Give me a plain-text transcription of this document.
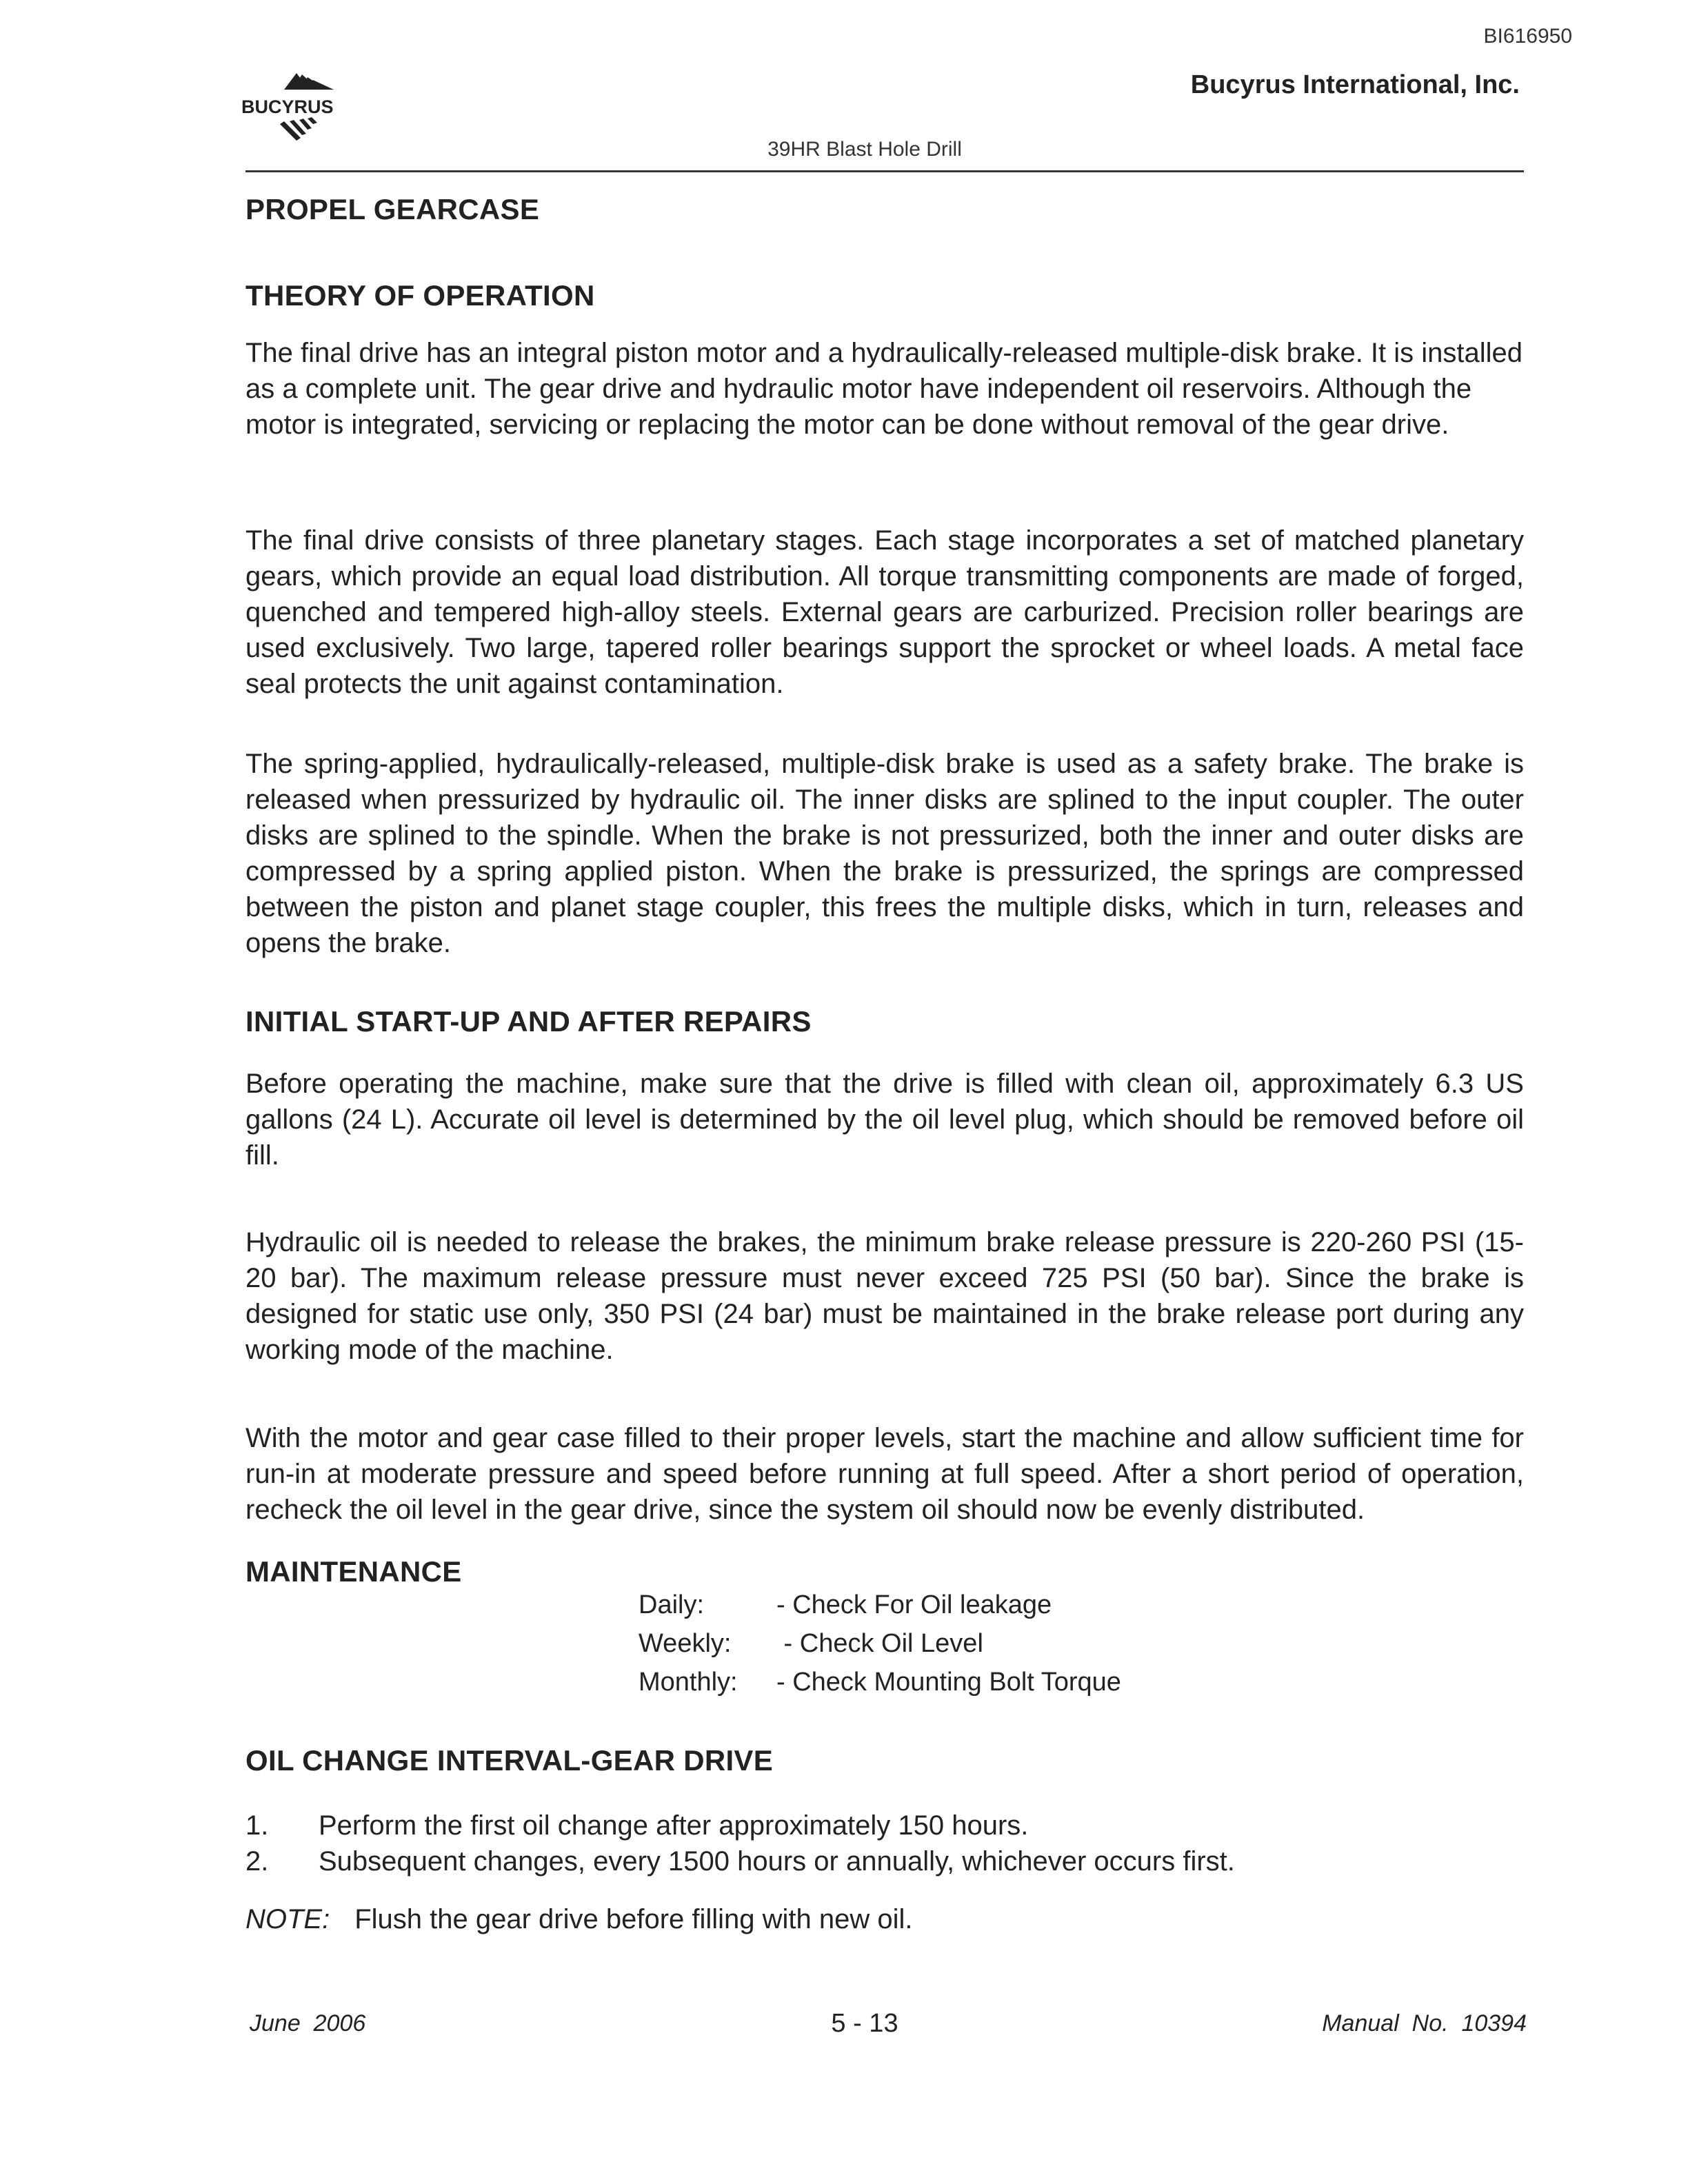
BI616950
BUCYRUS
Bucyrus International, Inc.
39HR Blast Hole Drill
PROPEL GEARCASE
THEORY OF OPERATION

The final drive has an integral piston motor and a hydraulically-released multiple-disk brake. It is installed as a complete unit. The gear drive and hydraulic motor have independent oil reservoirs. Although the motor is integrated, servicing or replacing the motor can be done without removal of the gear drive.

The final drive consists of three planetary stages. Each stage incorporates a set of matched planetary gears, which provide an equal load distribution. All torque transmitting components are made of forged, quenched and tempered high-alloy steels. External gears are carburized. Precision roller bearings are used exclusively. Two large, tapered roller bearings support the sprocket or wheel loads. A metal face seal protects the unit against contamination.

The spring-applied, hydraulically-released, multiple-disk brake is used as a safety brake. The brake is released when pressurized by hydraulic oil. The inner disks are splined to the input coupler. The outer disks are splined to the spindle. When the brake is not pressurized, both the inner and outer disks are compressed by a spring applied piston. When the brake is pressurized, the springs are compressed between the piston and planet stage coupler, this frees the multiple disks, which in turn, releases and opens the brake.

INITIAL START-UP AND AFTER REPAIRS

Before operating the machine, make sure that the drive is filled with clean oil, approximately 6.3 US gallons (24 L). Accurate oil level is determined by the oil level plug, which should be removed before oil fill.

Hydraulic oil is needed to release the brakes, the minimum brake release pressure is 220-260 PSI (15-20 bar). The maximum release pressure must never exceed 725 PSI (50 bar). Since the brake is designed for static use only, 350 PSI (24 bar) must be maintained in the brake release port during any working mode of the machine.

With the motor and gear case filled to their proper levels, start the machine and allow sufficient time for run-in at moderate pressure and speed before running at full speed. After a short period of operation, recheck the oil level in the gear drive, since the system oil should now be evenly distributed.

MAINTENANCE
OIL CHANGE INTERVAL-GEAR DRIVE
1.	Perform the first oil change after approximately 150 hours.
2.	Subsequent changes, every 1500 hours or annually, whichever occurs first.
Daily:	- Check For Oil leakage
Weekly:	- Check Oil Level
Monthly:	- Check Mounting Bolt Torque
NOTE: Flush the gear drive before filling with new oil.
June  2006	5 - 13	Manual  No.  10394
